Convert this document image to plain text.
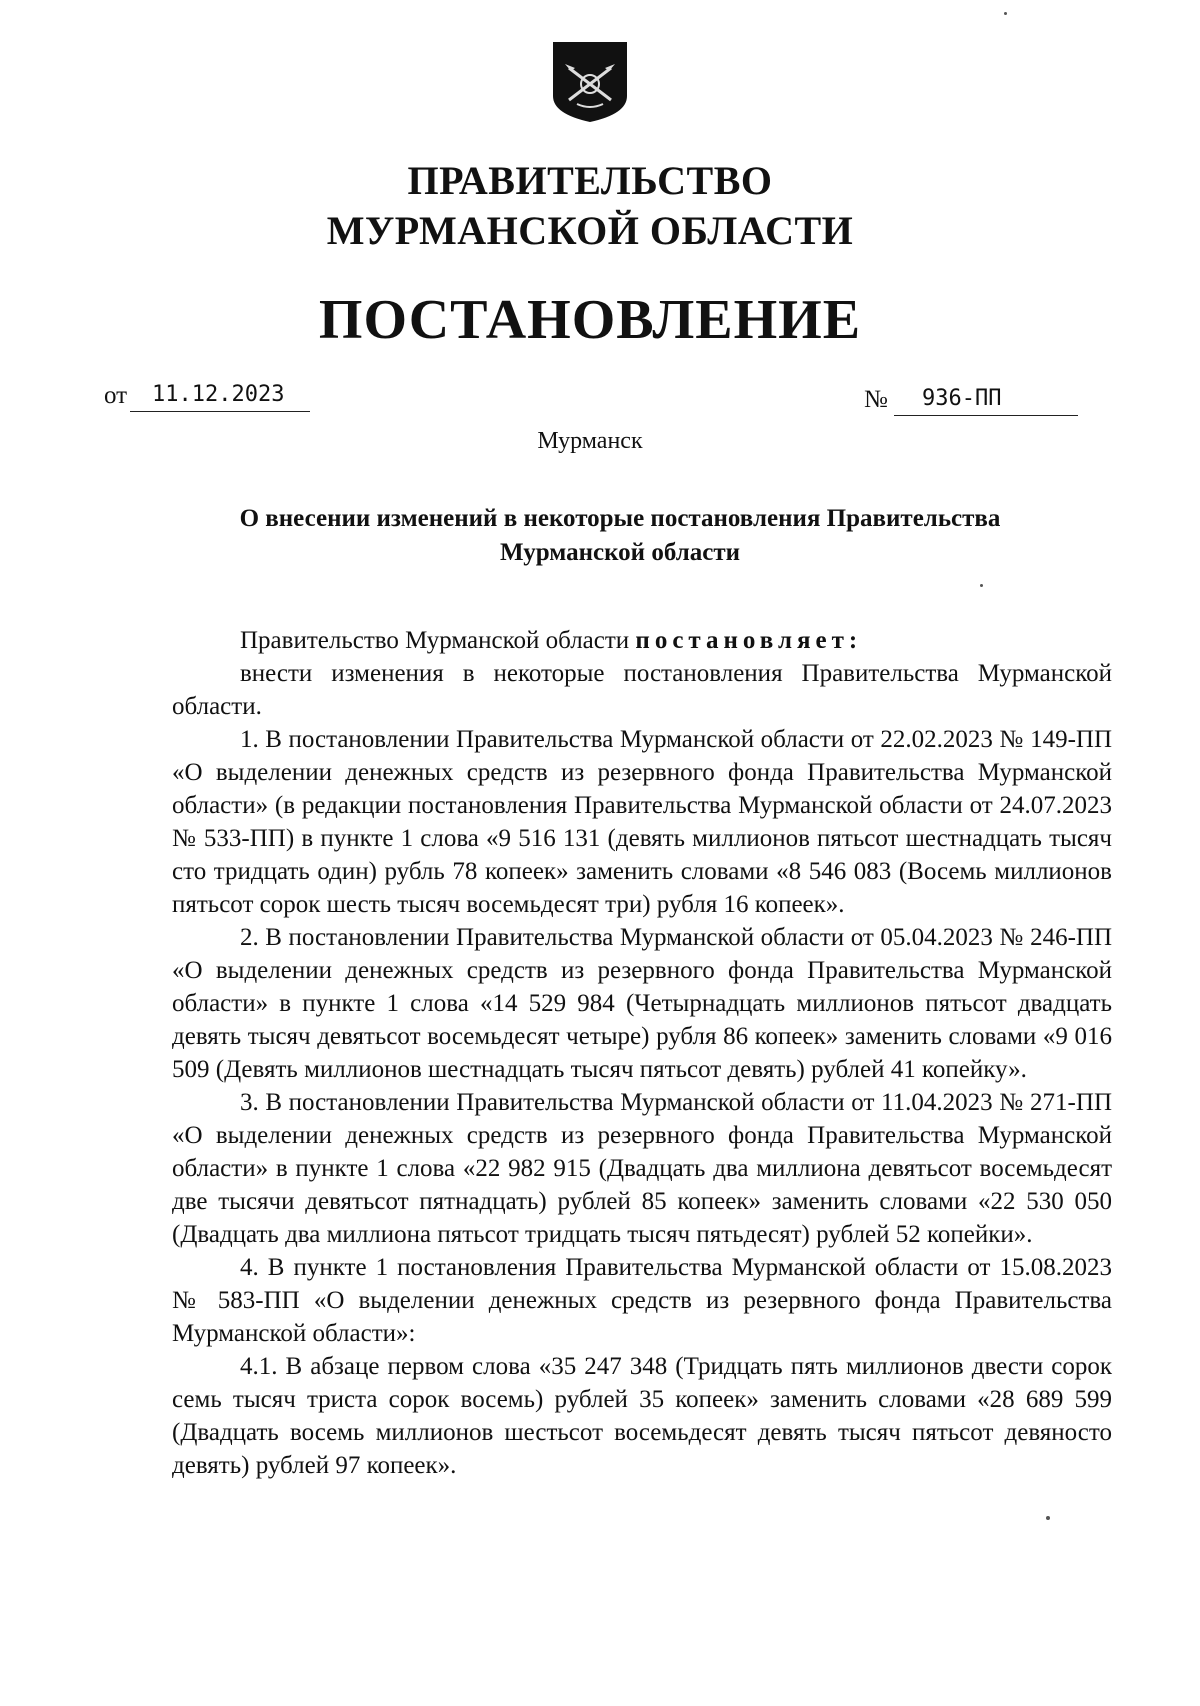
ПРАВИТЕЛЬСТВО
МУРМАНСКОЙ ОБЛАСТИ
ПОСТАНОВЛЕНИЕ
от	11.12.2023	№	936-ПП
Мурманск
О внесении изменений в некоторые постановления Правительства
Мурманской области

Правительство Мурманской области постановляет:

внести изменения в некоторые постановления Правительства Мурманской области.

1. В постановлении Правительства Мурманской области от 22.02.2023 № 149-ПП «О выделении денежных средств из резервного фонда Правительства Мурманской области» (в редакции постановления Правительства Мурманской области от 24.07.2023 № 533-ПП) в пункте 1 слова «9 516 131 (девять миллионов пятьсот шестнадцать тысяч сто тридцать один) рубль 78 копеек» заменить словами «8 546 083 (Восемь миллионов пятьсот сорок шесть тысяч восемьдесят три) рубля 16 копеек».

2. В постановлении Правительства Мурманской области от 05.04.2023 № 246-ПП «О выделении денежных средств из резервного фонда Правительства Мурманской области» в пункте 1 слова «14 529 984 (Четырнадцать миллионов пятьсот двадцать девять тысяч девятьсот восемьдесят четыре) рубля 86 копеек» заменить словами «9 016 509 (Девять миллионов шестнадцать тысяч пятьсот девять) рублей 41 копейку».

3. В постановлении Правительства Мурманской области от 11.04.2023 № 271-ПП «О выделении денежных средств из резервного фонда Правительства Мурманской области» в пункте 1 слова «22 982 915 (Двадцать два миллиона девятьсот восемьдесят две тысячи девятьсот пятнадцать) рублей 85 копеек» заменить словами «22 530 050 (Двадцать два миллиона пятьсот тридцать тысяч пятьдесят) рублей 52 копейки».

4. В пункте 1 постановления Правительства Мурманской области от 15.08.2023 № 583-ПП «О выделении денежных средств из резервного фонда Правительства Мурманской области»:

4.1. В абзаце первом слова «35 247 348 (Тридцать пять миллионов двести сорок семь тысяч триста сорок восемь) рублей 35 копеек» заменить словами «28 689 599 (Двадцать восемь миллионов шестьсот восемьдесят девять тысяч пятьсот девяносто девять) рублей 97 копеек».
